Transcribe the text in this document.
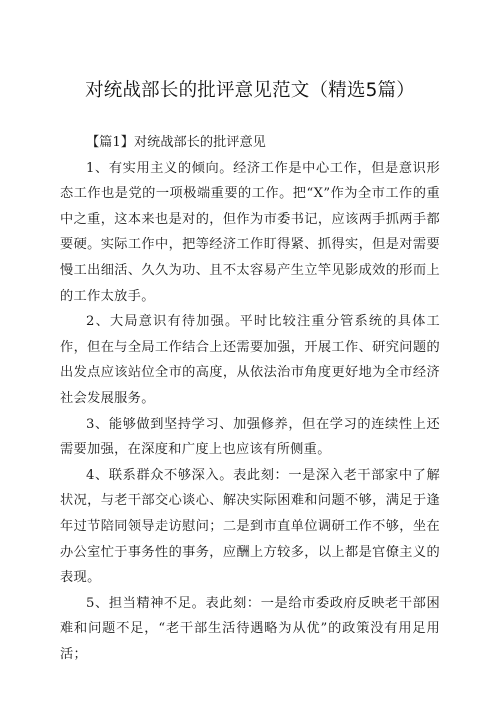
对统战部长的批评意见范文（精选5篇）
【篇1】对统战部长的批评意见

1、有实用主义的倾向。经济工作是中心工作，但是意识形态工作也是党的一项极端重要的工作。把“X”作为全市工作的重中之重，这本来也是对的，但作为市委书记，应该两手抓两手都要硬。实际工作中，把等经济工作盯得紧、抓得实，但是对需要慢工出细活、久久为功、且不太容易产生立竿见影成效的形而上的工作太放手。

2、大局意识有待加强。平时比较注重分管系统的具体工作，但在与全局工作结合上还需要加强，开展工作、研究问题的出发点应该站位全市的高度，从依法治市角度更好地为全市经济社会发展服务。

3、能够做到坚持学习、加强修养，但在学习的连续性上还需要加强，在深度和广度上也应该有所侧重。

4、联系群众不够深入。表此刻：一是深入老干部家中了解状况，与老干部交心谈心、解决实际困难和问题不够，满足于逢年过节陪同领导走访慰问；二是到市直单位调研工作不够，坐在办公室忙于事务性的事务，应酬上方较多，以上都是官僚主义的表现。

5、担当精神不足。表此刻：一是给市委政府反映老干部困难和问题不足，“老干部生活待遇略为从优”的政策没有用足用活；
